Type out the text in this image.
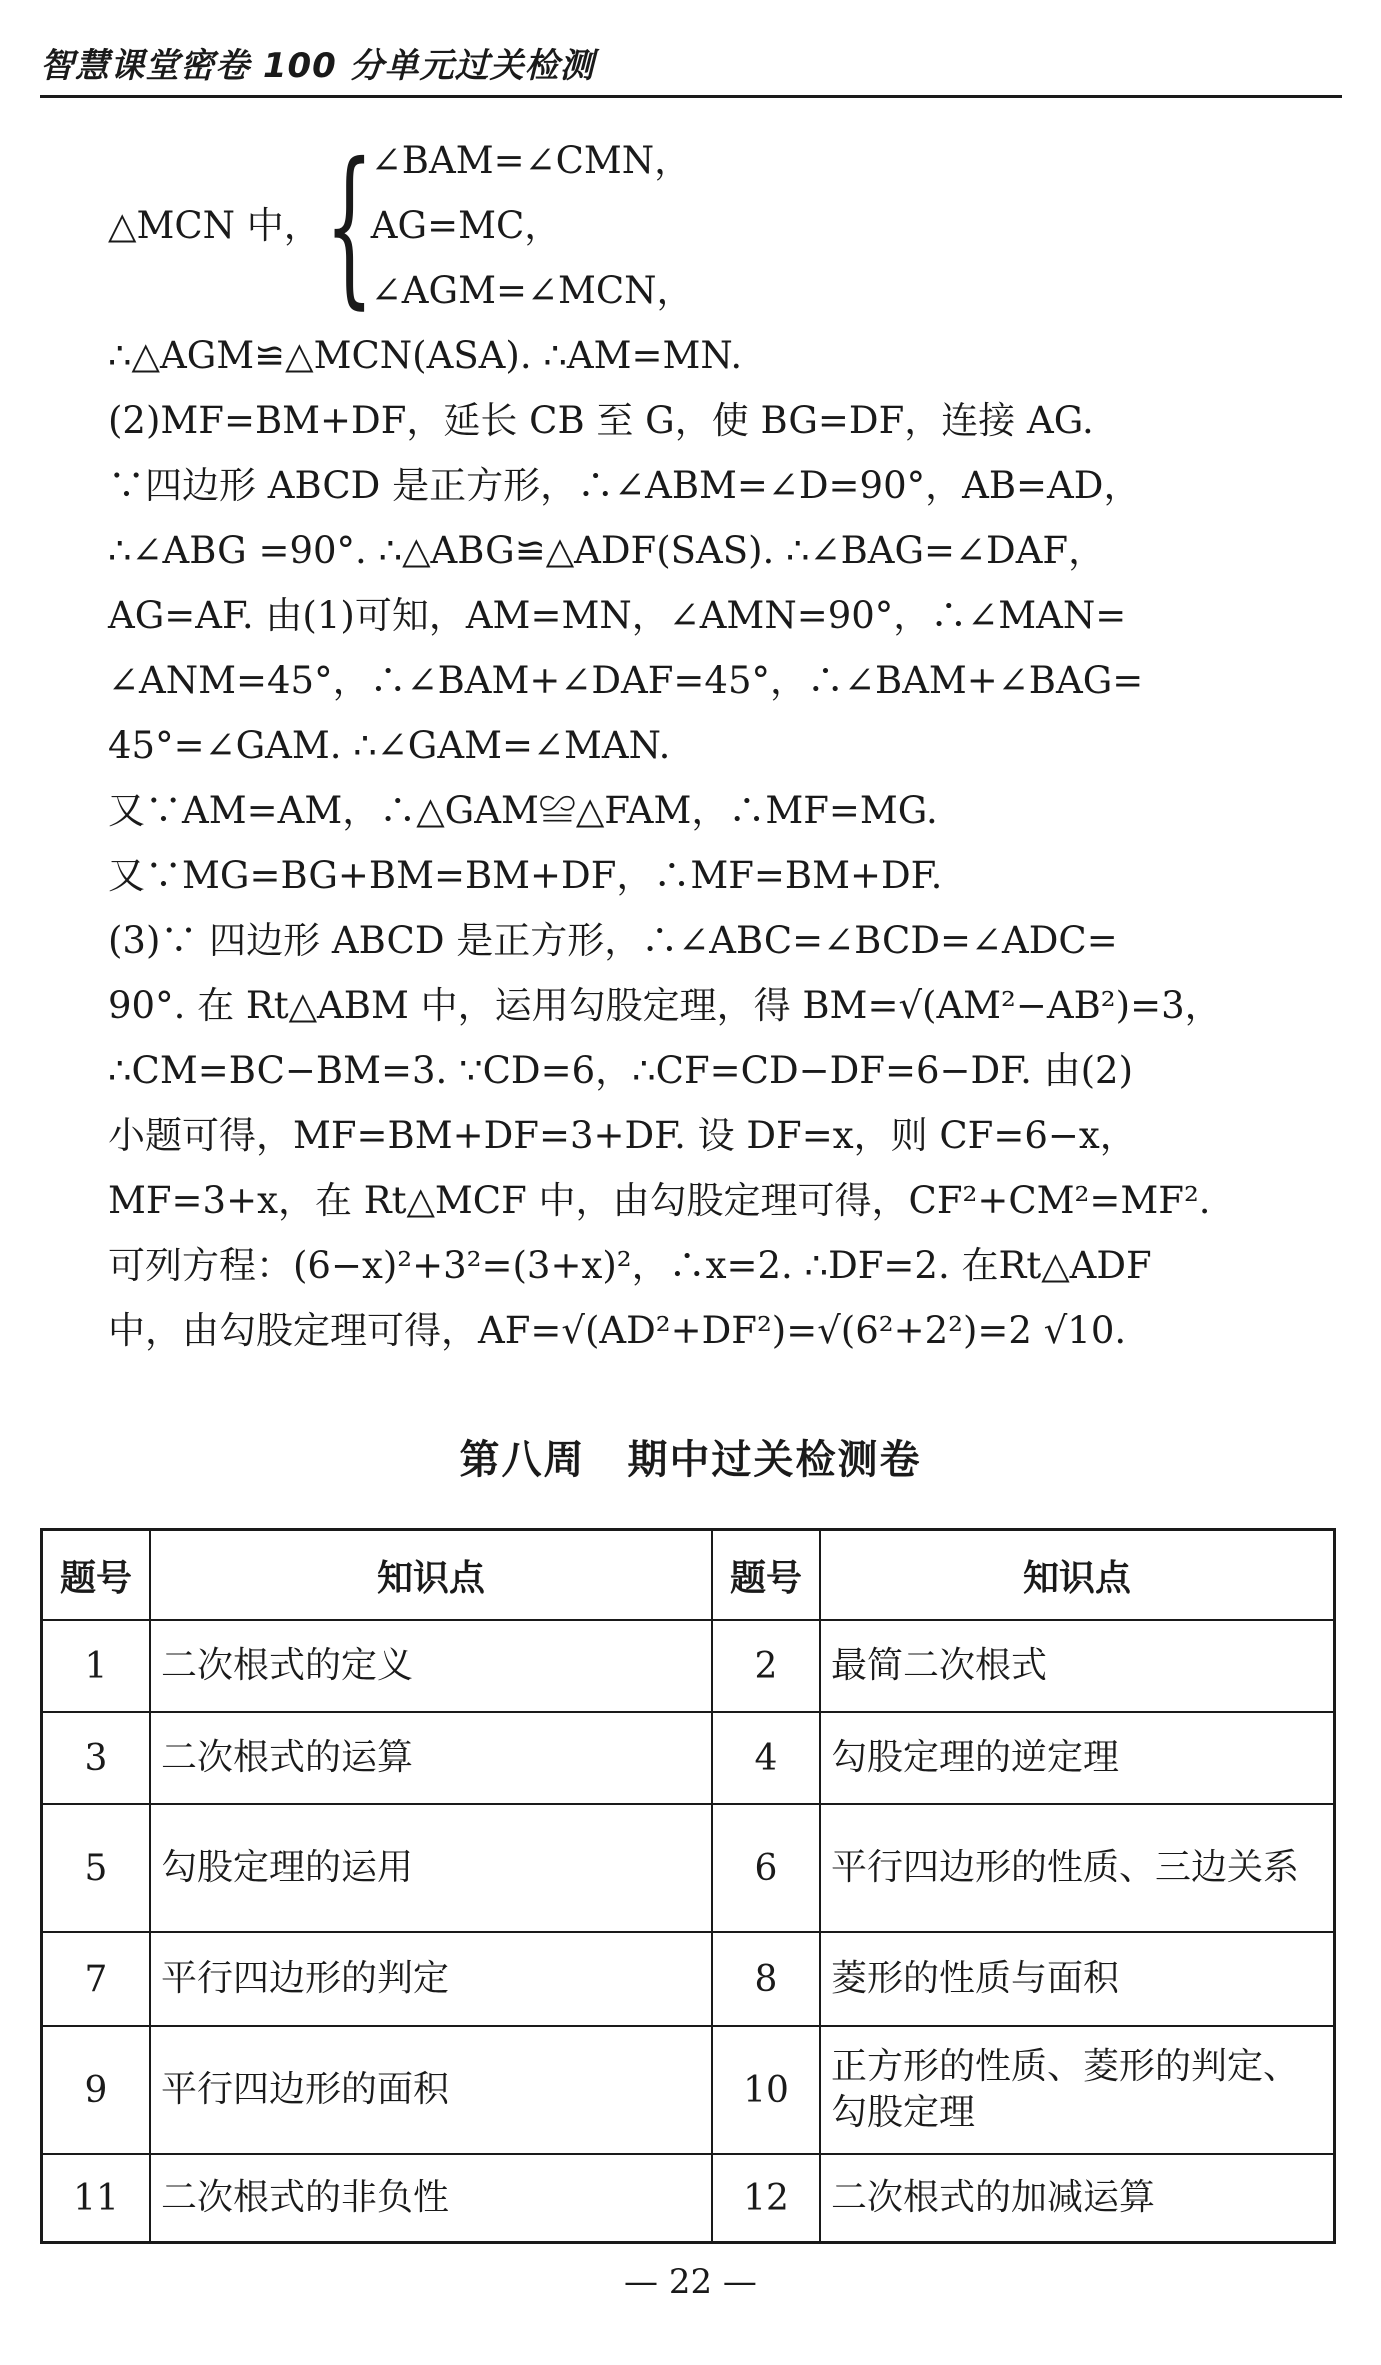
智慧课堂密卷 100 分单元过关检测
△MCN 中， {
∠BAM=∠CMN，
AG=MC，
∠AGM=∠MCN，
∴△AGM≌△MCN(ASA). ∴AM=MN.
(2)MF=BM+DF，延长 CB 至 G，使 BG=DF，连接 AG.
∵四边形 ABCD 是正方形，∴∠ABM=∠D=90°，AB=AD，
∴∠ABG =90°. ∴△ABG≌△ADF(SAS). ∴∠BAG=∠DAF，
AG=AF. 由(1)可知，AM=MN，∠AMN=90°，∴∠MAN=
∠ANM=45°，∴∠BAM+∠DAF=45°，∴∠BAM+∠BAG=
45°=∠GAM. ∴∠GAM=∠MAN.
又∵AM=AM，∴△GAM≌△FAM，∴MF=MG.
又∵MG=BG+BM=BM+DF，∴MF=BM+DF.
(3)∵ 四边形 ABCD 是正方形，∴∠ABC=∠BCD=∠ADC=
90°. 在 Rt△ABM 中，运用勾股定理，得 BM=√(AM²−AB²)=3，
∴CM=BC−BM=3. ∵CD=6，∴CF=CD−DF=6−DF. 由(2)
小题可得，MF=BM+DF=3+DF. 设 DF=x，则 CF=6−x，
MF=3+x，在 Rt△MCF 中，由勾股定理可得，CF²+CM²=MF².
可列方程：(6−x)²+3²=(3+x)²，∴x=2. ∴DF=2. 在Rt△ADF
中，由勾股定理可得，AF=√(AD²+DF²)=√(6²+2²)=2 √10.
第八周　期中过关检测卷
题号	知识点	题号	知识点
1	二次根式的定义	2	最简二次根式
3	二次根式的运算	4	勾股定理的逆定理
5	勾股定理的运用	6	平行四边形的性质、三边关系
7	平行四边形的判定	8	菱形的性质与面积
9	平行四边形的面积	10	正方形的性质、菱形的判定、勾股定理
11	二次根式的非负性	12	二次根式的加减运算
— 22 —
